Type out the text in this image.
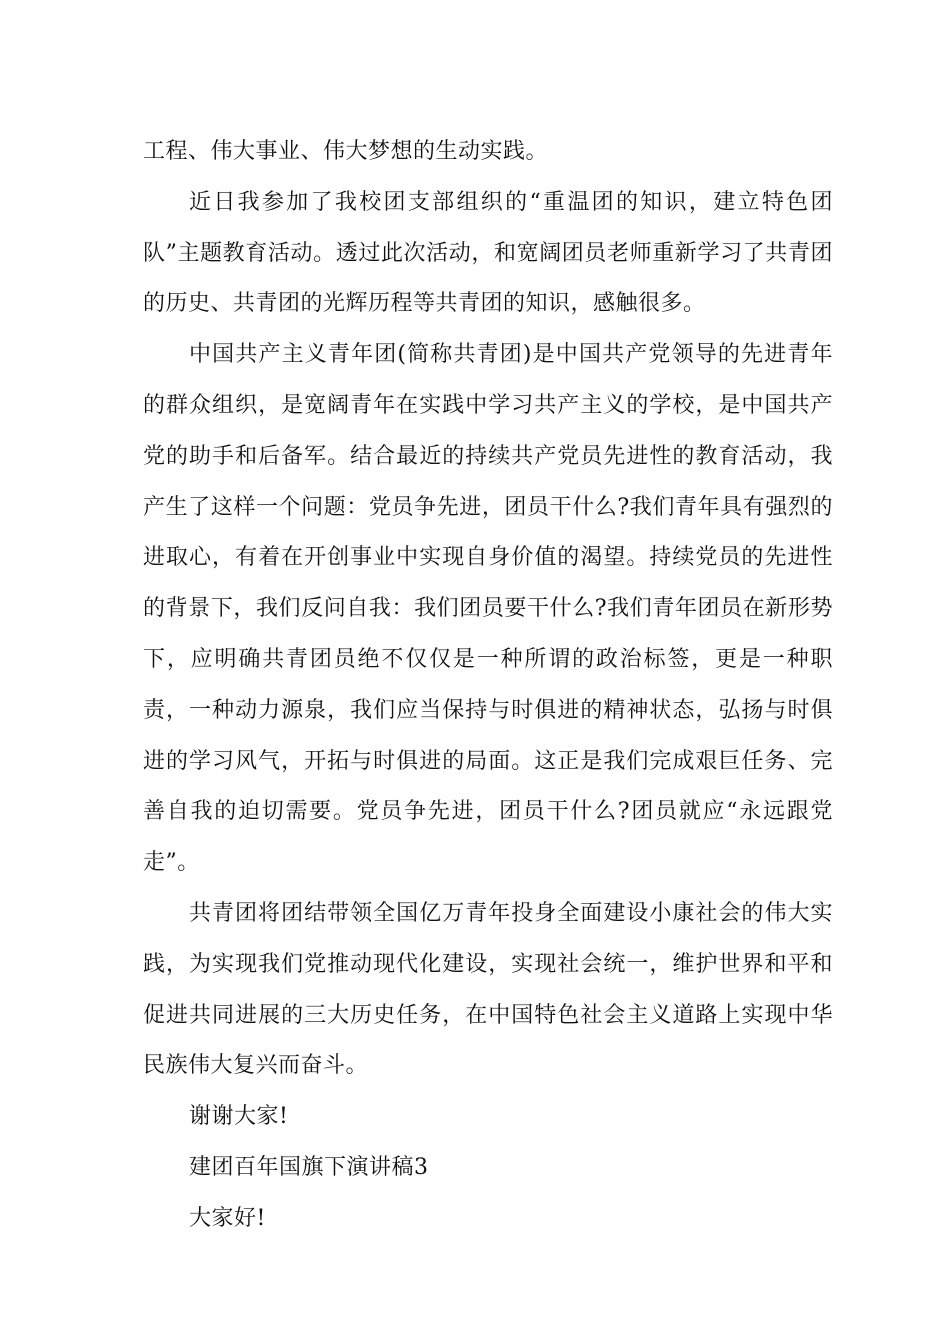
工程、伟大事业、伟大梦想的生动实践。

近日我参加了我校团支部组织的“重温团的知识，建立特色团队”主题教育活动。透过此次活动，和宽阔团员老师重新学习了共青团的历史、共青团的光辉历程等共青团的知识，感触很多。

中国共产主义青年团(简称共青团)是中国共产党领导的先进青年的群众组织，是宽阔青年在实践中学习共产主义的学校，是中国共产党的助手和后备军。结合最近的持续共产党员先进性的教育活动，我产生了这样一个问题：党员争先进，团员干什么?我们青年具有强烈的进取心，有着在开创事业中实现自身价值的渴望。持续党员的先进性的背景下，我们反问自我：我们团员要干什么?我们青年团员在新形势下，应明确共青团员绝不仅仅是一种所谓的政治标签，更是一种职责，一种动力源泉，我们应当保持与时俱进的精神状态，弘扬与时俱进的学习风气，开拓与时俱进的局面。这正是我们完成艰巨任务、完善自我的迫切需要。党员争先进，团员干什么?团员就应“永远跟党走”。

共青团将团结带领全国亿万青年投身全面建设小康社会的伟大实践，为实现我们党推动现代化建设，实现社会统一，维护世界和平和促进共同进展的三大历史任务，在中国特色社会主义道路上实现中华民族伟大复兴而奋斗。

谢谢大家!

建团百年国旗下演讲稿3

大家好!
